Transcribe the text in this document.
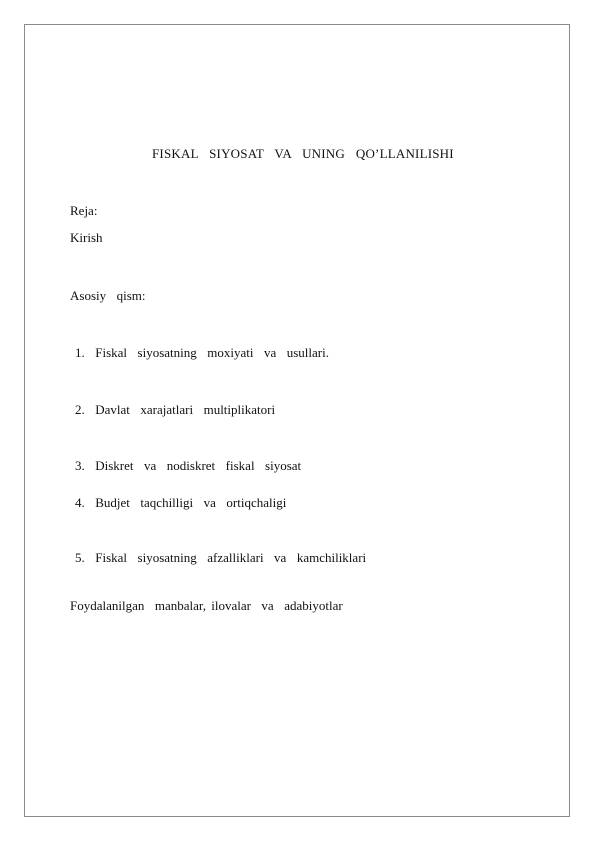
FISKAL  SIYOSAT  VA  UNING  QO’LLANILISHI
Reja:
Kirish
Asosiy  qism:
1.  Fiskal  siyosatning  moxiyati  va  usullari.
2.  Davlat  xarajatlari  multiplikatori
3.  Diskret  va  nodiskret  fiskal  siyosat
4.  Budjet  taqchilligi  va  ortiqchaligi
5.  Fiskal  siyosatning  afzalliklari  va  kamchiliklari
Foydalanilgan  manbalar, ilovalar  va  adabiyotlar
